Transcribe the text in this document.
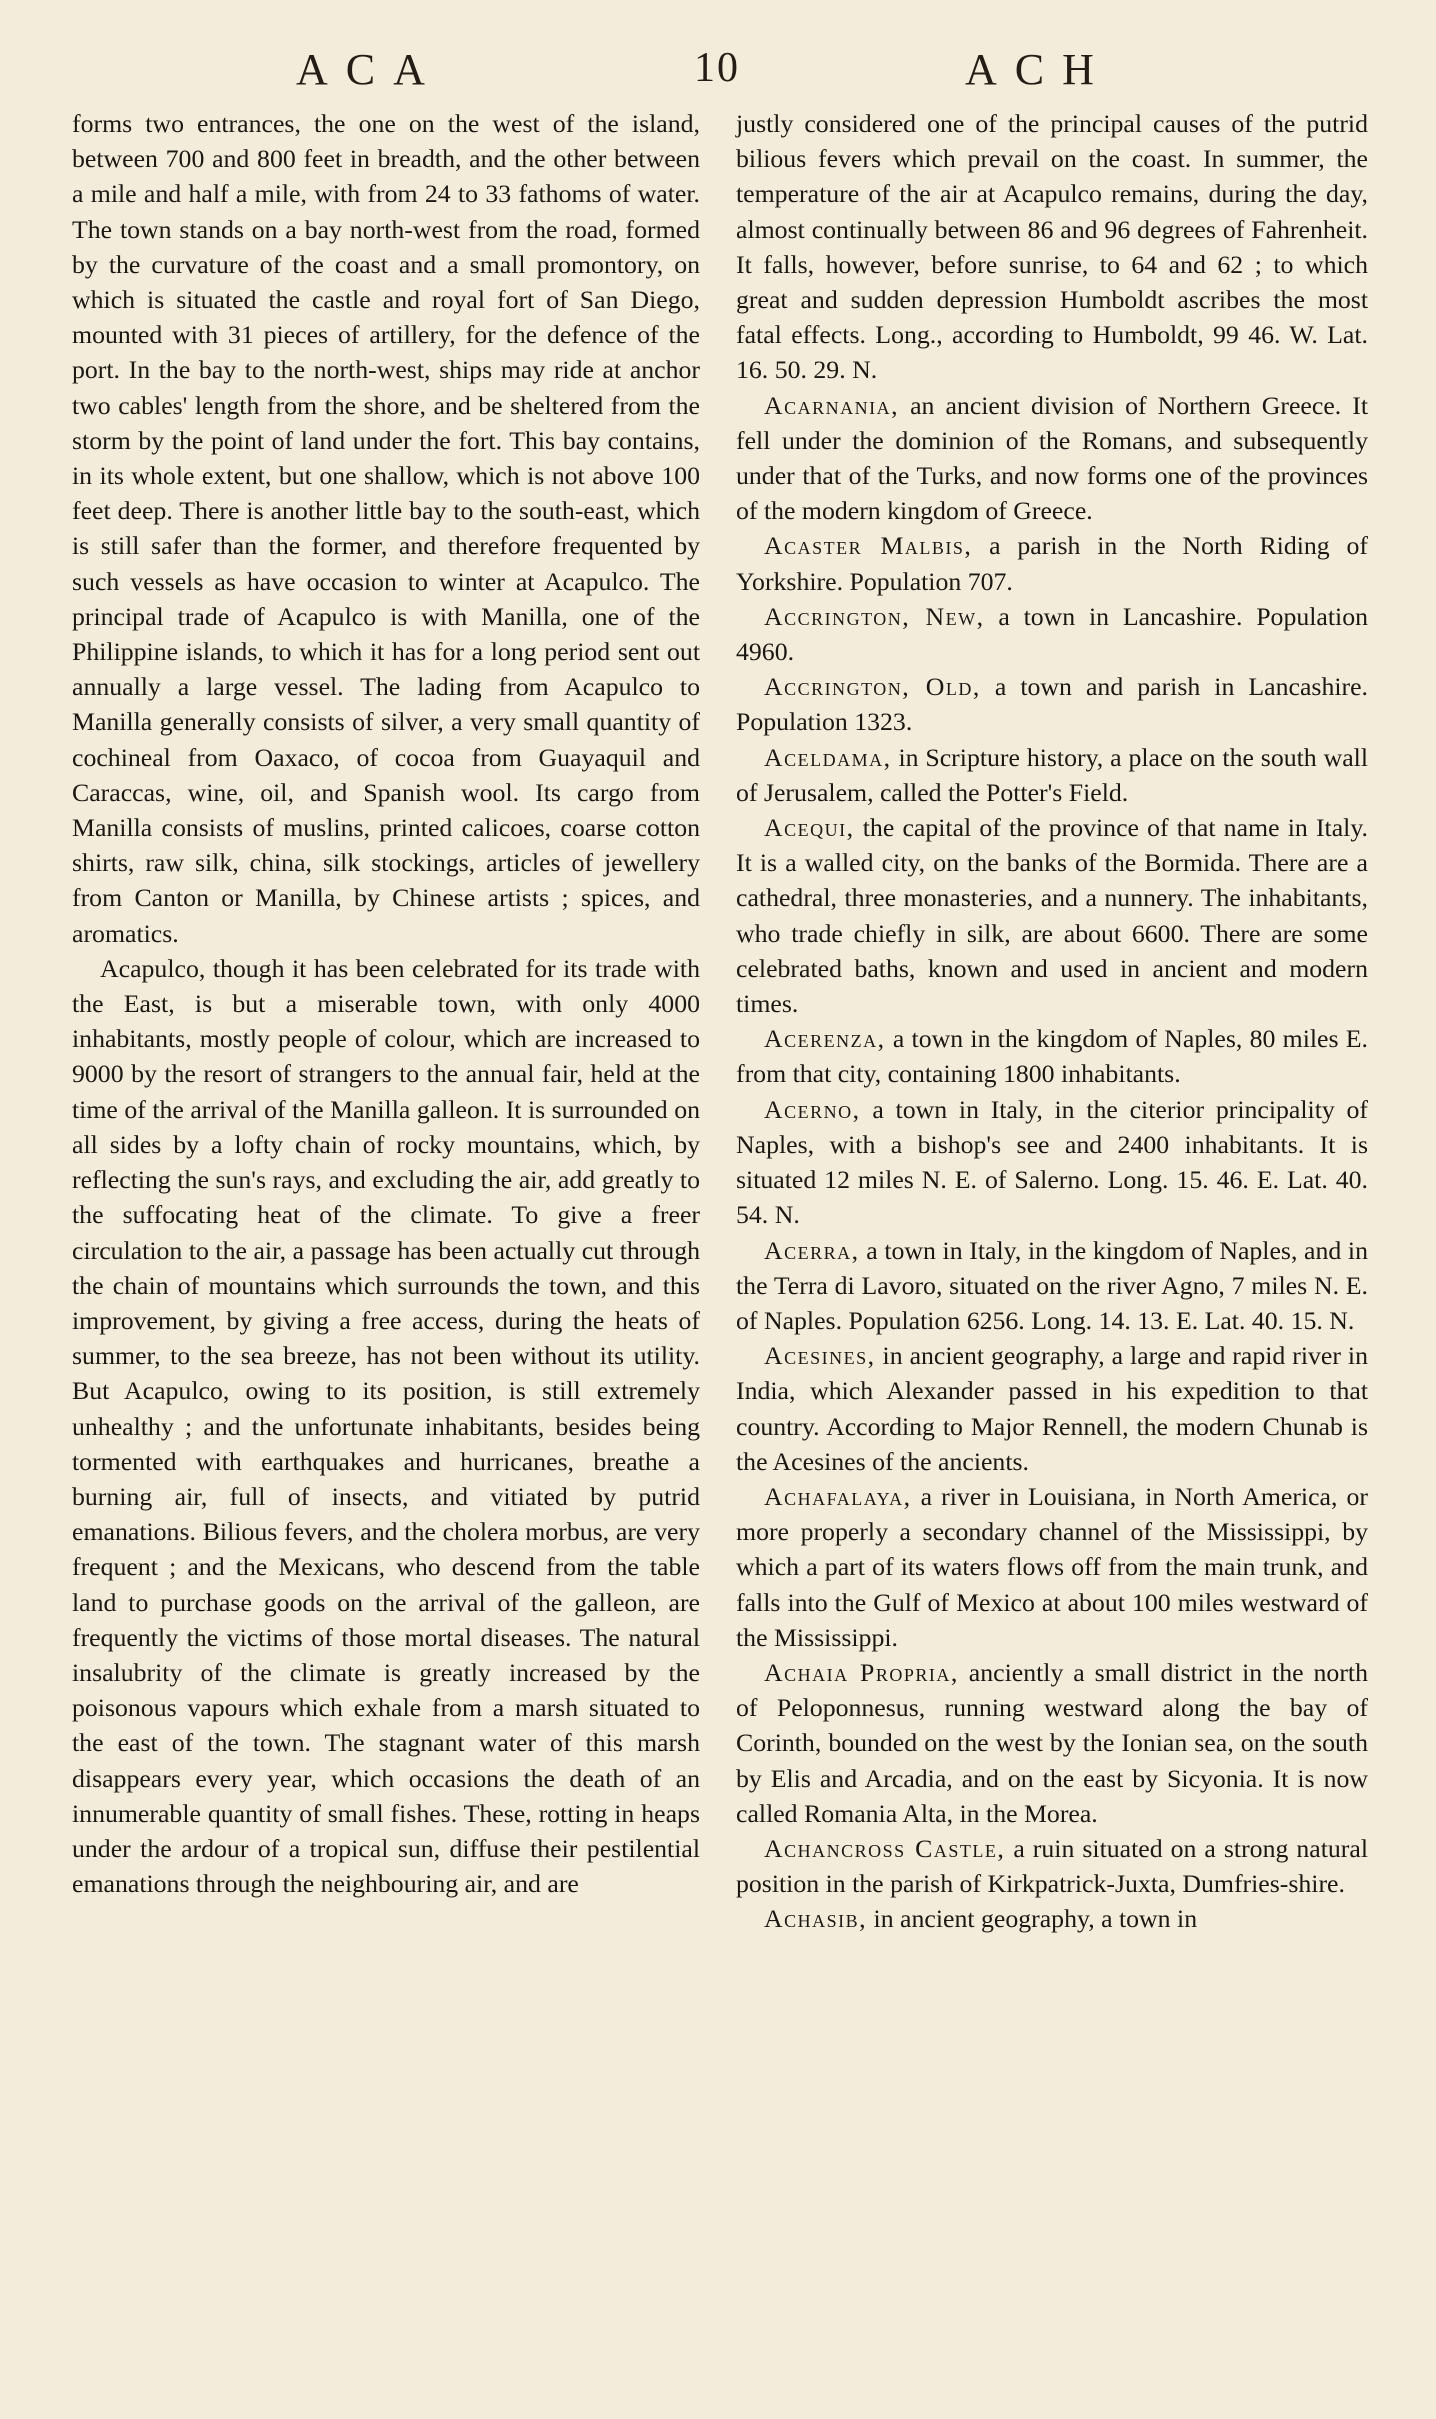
ACA	10	ACH

forms two entrances, the one on the west of the island, between 700 and 800 feet in breadth, and the other between a mile and half a mile, with from 24 to 33 fathoms of water. The town stands on a bay north-west from the road, formed by the curvature of the coast and a small promontory, on which is situated the castle and royal fort of San Diego, mounted with 31 pieces of artillery, for the defence of the port. In the bay to the north-west, ships may ride at anchor two cables' length from the shore, and be sheltered from the storm by the point of land under the fort. This bay contains, in its whole extent, but one shallow, which is not above 100 feet deep. There is another little bay to the south-east, which is still safer than the former, and therefore frequented by such vessels as have occasion to winter at Acapulco. The principal trade of Acapulco is with Manilla, one of the Philippine islands, to which it has for a long period sent out annually a large vessel. The lading from Acapulco to Manilla generally consists of silver, a very small quantity of cochineal from Oaxaco, of cocoa from Guayaquil and Caraccas, wine, oil, and Spanish wool. Its cargo from Manilla consists of muslins, printed calicoes, coarse cotton shirts, raw silk, china, silk stockings, articles of jewellery from Canton or Manilla, by Chinese artists ; spices, and aromatics.

Acapulco, though it has been celebrated for its trade with the East, is but a miserable town, with only 4000 inhabitants, mostly people of colour, which are increased to 9000 by the resort of strangers to the annual fair, held at the time of the arrival of the Manilla galleon. It is surrounded on all sides by a lofty chain of rocky mountains, which, by reflecting the sun's rays, and excluding the air, add greatly to the suffocating heat of the climate. To give a freer circulation to the air, a passage has been actually cut through the chain of mountains which surrounds the town, and this improvement, by giving a free access, during the heats of summer, to the sea breeze, has not been without its utility. But Acapulco, owing to its position, is still extremely unhealthy ; and the unfortunate inhabitants, besides being tormented with earthquakes and hurricanes, breathe a burning air, full of insects, and vitiated by putrid emanations. Bilious fevers, and the cholera morbus, are very frequent ; and the Mexicans, who descend from the table land to purchase goods on the arrival of the galleon, are frequently the victims of those mortal diseases. The natural insalubrity of the climate is greatly increased by the poisonous vapours which exhale from a marsh situated to the east of the town. The stagnant water of this marsh disappears every year, which occasions the death of an innumerable quantity of small fishes. These, rotting in heaps under the ardour of a tropical sun, diffuse their pestilential emanations through the neighbouring air, and are

justly considered one of the principal causes of the putrid bilious fevers which prevail on the coast. In summer, the temperature of the air at Acapulco remains, during the day, almost continually between 86 and 96 degrees of Fahrenheit. It falls, however, before sunrise, to 64 and 62 ; to which great and sudden depression Humboldt ascribes the most fatal effects. Long., according to Humboldt, 99 46. W. Lat. 16. 50. 29. N.

Acarnania, an ancient division of Northern Greece. It fell under the dominion of the Romans, and subsequently under that of the Turks, and now forms one of the provinces of the modern kingdom of Greece.

Acaster Malbis, a parish in the North Riding of Yorkshire. Population 707.

Accrington, New, a town in Lancashire. Population 4960.

Accrington, Old, a town and parish in Lancashire. Population 1323.

Aceldama, in Scripture history, a place on the south wall of Jerusalem, called the Potter's Field.

Acequi, the capital of the province of that name in Italy. It is a walled city, on the banks of the Bormida. There are a cathedral, three monasteries, and a nunnery. The inhabitants, who trade chiefly in silk, are about 6600. There are some celebrated baths, known and used in ancient and modern times.

Acerenza, a town in the kingdom of Naples, 80 miles E. from that city, containing 1800 inhabitants.

Acerno, a town in Italy, in the citerior principality of Naples, with a bishop's see and 2400 inhabitants. It is situated 12 miles N. E. of Salerno. Long. 15. 46. E. Lat. 40. 54. N.

Acerra, a town in Italy, in the kingdom of Naples, and in the Terra di Lavoro, situated on the river Agno, 7 miles N. E. of Naples. Population 6256. Long. 14. 13. E. Lat. 40. 15. N.

Acesines, in ancient geography, a large and rapid river in India, which Alexander passed in his expedition to that country. According to Major Rennell, the modern Chunab is the Acesines of the ancients.

Achafalaya, a river in Louisiana, in North America, or more properly a secondary channel of the Mississippi, by which a part of its waters flows off from the main trunk, and falls into the Gulf of Mexico at about 100 miles westward of the Mississippi.

Achaia Propria, anciently a small district in the north of Peloponnesus, running westward along the bay of Corinth, bounded on the west by the Ionian sea, on the south by Elis and Arcadia, and on the east by Sicyonia. It is now called Romania Alta, in the Morea.

Achancross Castle, a ruin situated on a strong natural position in the parish of Kirkpatrick-Juxta, Dumfries-shire.

Achasib, in ancient geography, a town in
